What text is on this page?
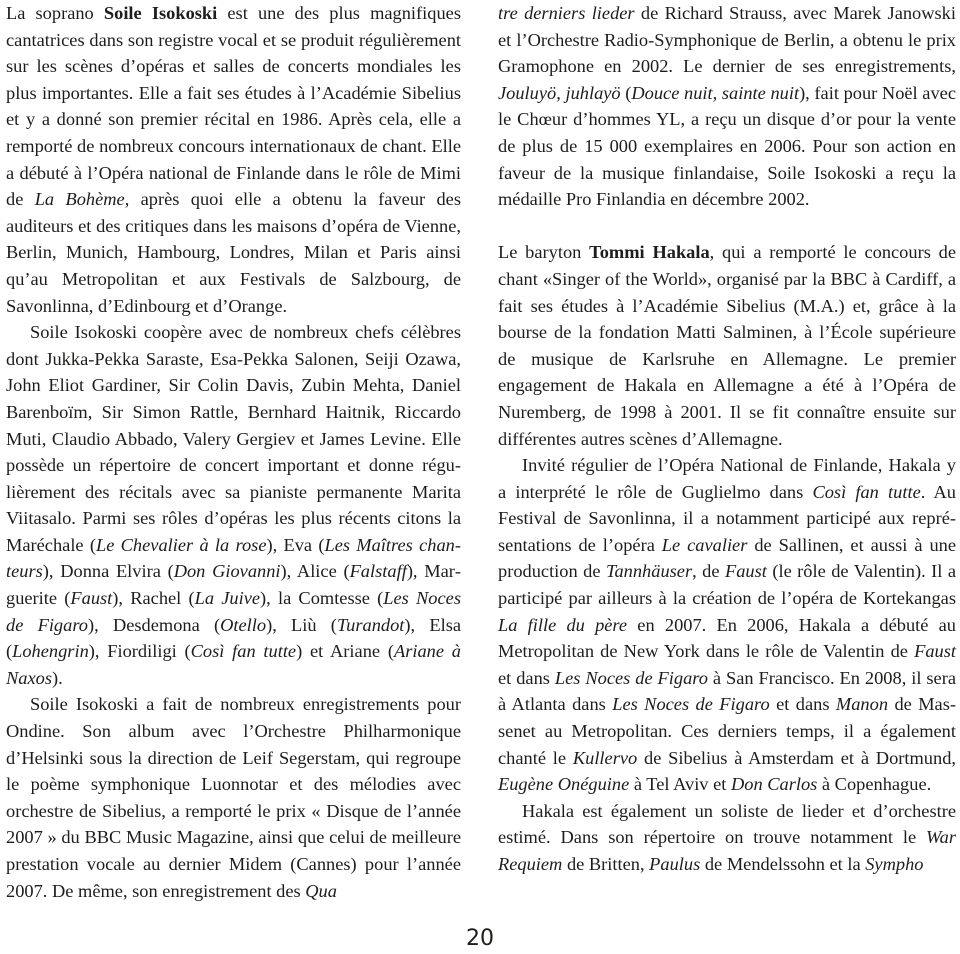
La soprano Soile Isokoski est une des plus magnifiques cantatrices dans son registre vocal et se produit régulièrement sur les scènes d’opéras et salles de concerts mondiales les plus importantes. Elle a fait ses études à l’Académie Sibelius et y a donné son premier récital en 1986. Après cela, elle a remporté de nombreux concours internationaux de chant. Elle a débuté à l’Opéra national de Finlande dans le rôle de Mimi de La Bohème, après quoi elle a obtenu la faveur des auditeurs et des critiques dans les maisons d’opéra de Vienne, Berlin, Munich, Hambourg, Londres, Milan et Paris ainsi qu’au Metropolitan et aux Festivals de Salzbourg, de Savonlinna, d’Edinbourg et d’Orange.

Soile Isokoski coopère avec de nombreux chefs célèbres dont Jukka-Pekka Saraste, Esa-Pekka Salonen, Seiji Ozawa, John Eliot Gardiner, Sir Colin Davis, Zubin Mehta, Daniel Barenboïm, Sir Simon Rattle, Bernhard Haitnik, Riccardo Muti, Claudio Abbado, Valery Gergiev et James Levine. Elle possède un répertoire de concert important et donne régulièrement des récitals avec sa pianiste permanente Marita Viitasalo. Parmi ses rôles d’opéras les plus récents citons la Maréchale (Le Chevalier à la rose), Eva (Les Maîtres chanteurs), Donna Elvira (Don Giovanni), Alice (Falstaff), Marguerite (Faust), Rachel (La Juive), la Comtesse (Les Noces de Figaro), Desdemona (Otello), Liù (Turandot), Elsa (Lohengrin), Fiordiligi (Così fan tutte) et Ariane (Ariane à Naxos).

Soile Isokoski a fait de nombreux enregistrements pour Ondine. Son album avec l’Orchestre Philharmonique d’Helsinki sous la direction de Leif Segerstam, qui regroupe le poème symphonique Luonnotar et des mélodies avec orchestre de Sibelius, a remporté le prix « Disque de l’année 2007 » du BBC Music Magazine, ainsi que celui de meilleure prestation vocale au dernier Midem (Cannes) pour l’année 2007. De même, son enregistrement des Qua

tre derniers lieder de Richard Strauss, avec Marek Janowski et l’Orchestre Radio-Symphonique de Berlin, a obtenu le prix Gramophone en 2002. Le dernier de ses enregistrements, Jouluyö, juhlayö (Douce nuit, sainte nuit), fait pour Noël avec le Chœur d’hommes YL, a reçu un disque d’or pour la vente de plus de 15 000 exemplaires en 2006. Pour son action en faveur de la musique finlandaise, Soile Isokoski a reçu la médaille Pro Finlandia en décembre 2002.

Le baryton Tommi Hakala, qui a remporté le concours de chant «Singer of the World», organisé par la BBC à Cardiff, a fait ses études à l’Académie Sibelius (M.A.) et, grâce à la bourse de la fondation Matti Salminen, à l’École supérieure de musique de Karlsruhe en Allemagne. Le premier engagement de Hakala en Allemagne a été à l’Opéra de Nuremberg, de 1998 à 2001. Il se fit connaître ensuite sur différentes autres scènes d’Allemagne.

Invité régulier de l’Opéra National de Finlande, Hakala y a interprété le rôle de Guglielmo dans Così fan tutte. Au Festival de Savonlinna, il a notamment participé aux représentations de l’opéra Le cavalier de Sallinen, et aussi à une production de Tannhäuser, de Faust (le rôle de Valentin). Il a participé par ailleurs à la création de l’opéra de Kortekangas La fille du père en 2007. En 2006, Hakala a débuté au Metropolitan de New York dans le rôle de Valentin de Faust et dans Les Noces de Figaro à San Francisco. En 2008, il sera à Atlanta dans Les Noces de Figaro et dans Manon de Massenet au Metropolitan. Ces derniers temps, il a également chanté le Kullervo de Sibelius à Amsterdam et à Dortmund, Eugène Onéguine à Tel Aviv et Don Carlos à Copenhague.

Hakala est également un soliste de lieder et d’orchestre estimé. Dans son répertoire on trouve notamment le War Requiem de Britten, Paulus de Mendelssohn et la Sympho

20
